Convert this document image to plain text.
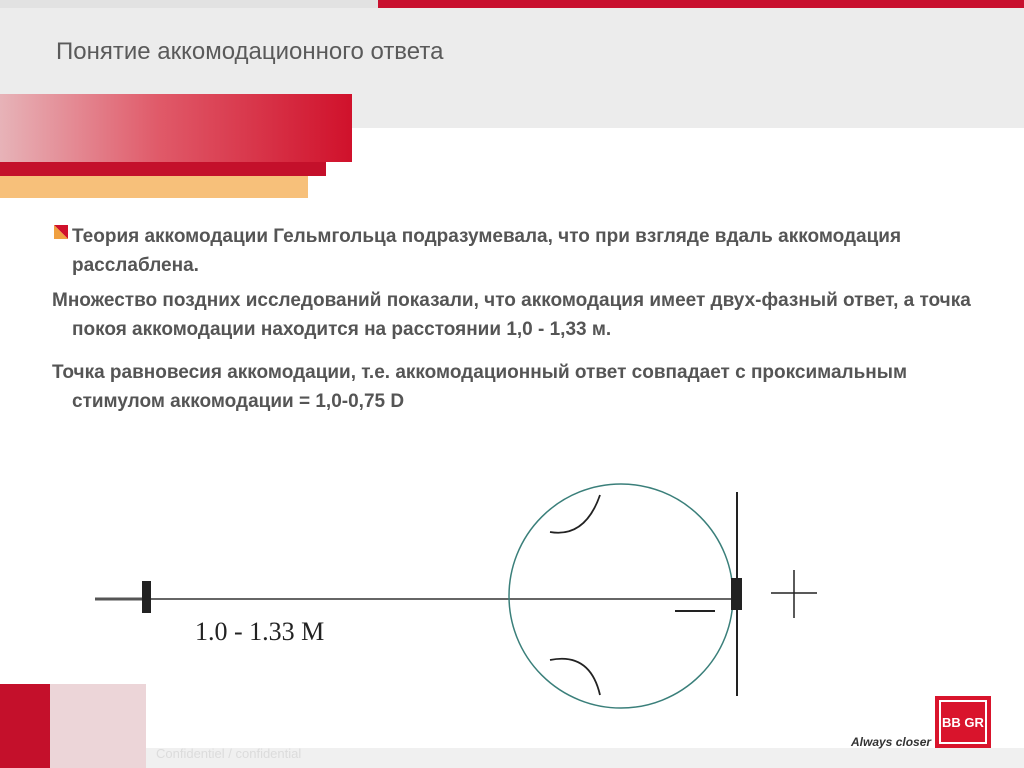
Понятие аккомодационного ответа

Теория аккомодации Гельмгольца подразумевала, что при взгляде вдаль аккомодация расслаблена.

Множество поздних исследований показали, что аккомодация имеет двух-фазный ответ, а точка покоя аккомодации находится на расстоянии 1,0 - 1,33 м.

Точка равновесия аккомодации, т.е. аккомодационный ответ совпадает с проксимальным стимулом аккомодации = 1,0-0,75 D

1.0 - 1.33 M
Confidentiel / confidential
Always closer
BB GR
